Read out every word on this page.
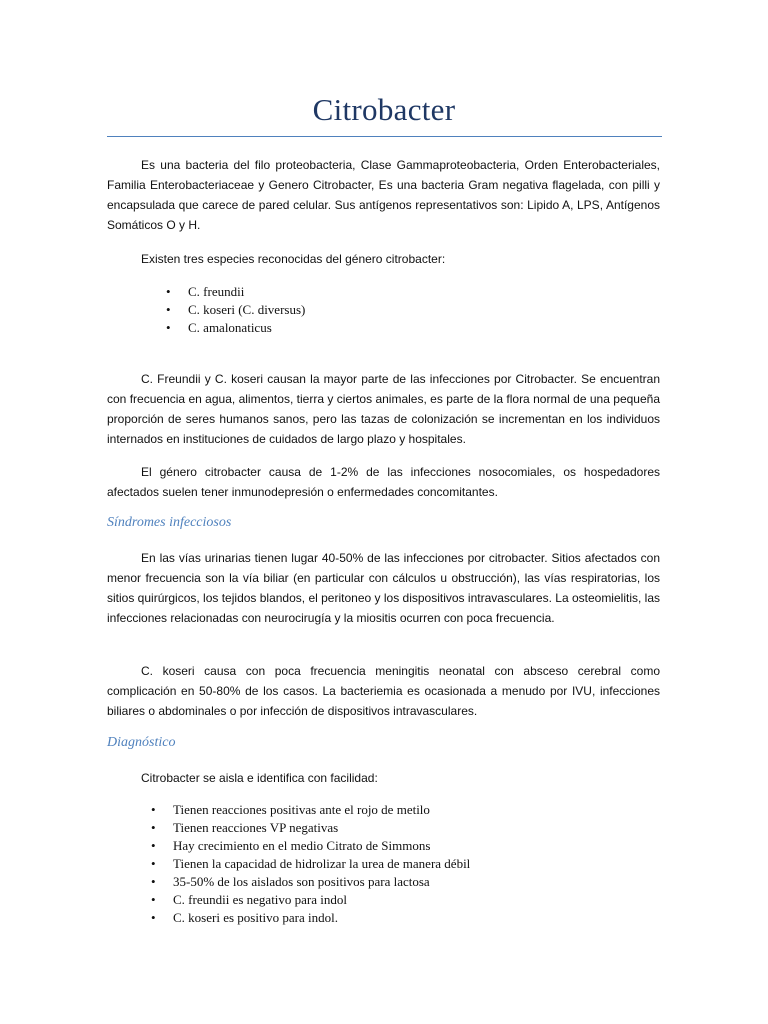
Citrobacter

Es una bacteria del filo proteobacteria, Clase Gammaproteobacteria, Orden Enterobacteriales, Familia Enterobacteriaceae y Genero Citrobacter, Es una bacteria Gram negativa flagelada, con pilli y encapsulada que carece de pared celular. Sus antígenos representativos son: Lipido A, LPS, Antígenos Somáticos O y H.

Existen tres especies reconocidas del género citrobacter:

• C. freundii
• C. koseri (C. diversus)
• C. amalonaticus

C. Freundii y C. koseri causan la mayor parte de las infecciones por Citrobacter. Se encuentran con frecuencia en agua, alimentos, tierra y ciertos animales, es parte de la flora normal de una pequeña proporción de seres humanos sanos, pero las tazas de colonización se incrementan en los individuos internados en instituciones de cuidados de largo plazo y hospitales.

El género citrobacter causa de 1-2% de las infecciones nosocomiales, os hospedadores afectados suelen tener inmunodepresión o enfermedades concomitantes.

Síndromes infecciosos

En las vías urinarias tienen lugar 40-50% de las infecciones por citrobacter. Sitios afectados con menor frecuencia son la vía biliar (en particular con cálculos u obstrucción), las vías respiratorias, los sitios quirúrgicos, los tejidos blandos, el peritoneo y los dispositivos intravasculares. La osteomielitis, las infecciones relacionadas con neurocirugía y la miositis ocurren con poca frecuencia.

C. koseri causa con poca frecuencia meningitis neonatal con absceso cerebral como complicación en 50-80% de los casos. La bacteriemia es ocasionada a menudo por IVU, infecciones biliares o abdominales o por infección de dispositivos intravasculares.

Diagnóstico

Citrobacter se aisla e identifica con facilidad:

• Tienen reacciones positivas ante el rojo de metilo
• Tienen reacciones VP negativas
• Hay crecimiento en el medio Citrato de Simmons
• Tienen la capacidad de hidrolizar la urea de manera débil
• 35-50% de los aislados son positivos para lactosa
• C. freundii es negativo para indol
• C. koseri es positivo para indol.
